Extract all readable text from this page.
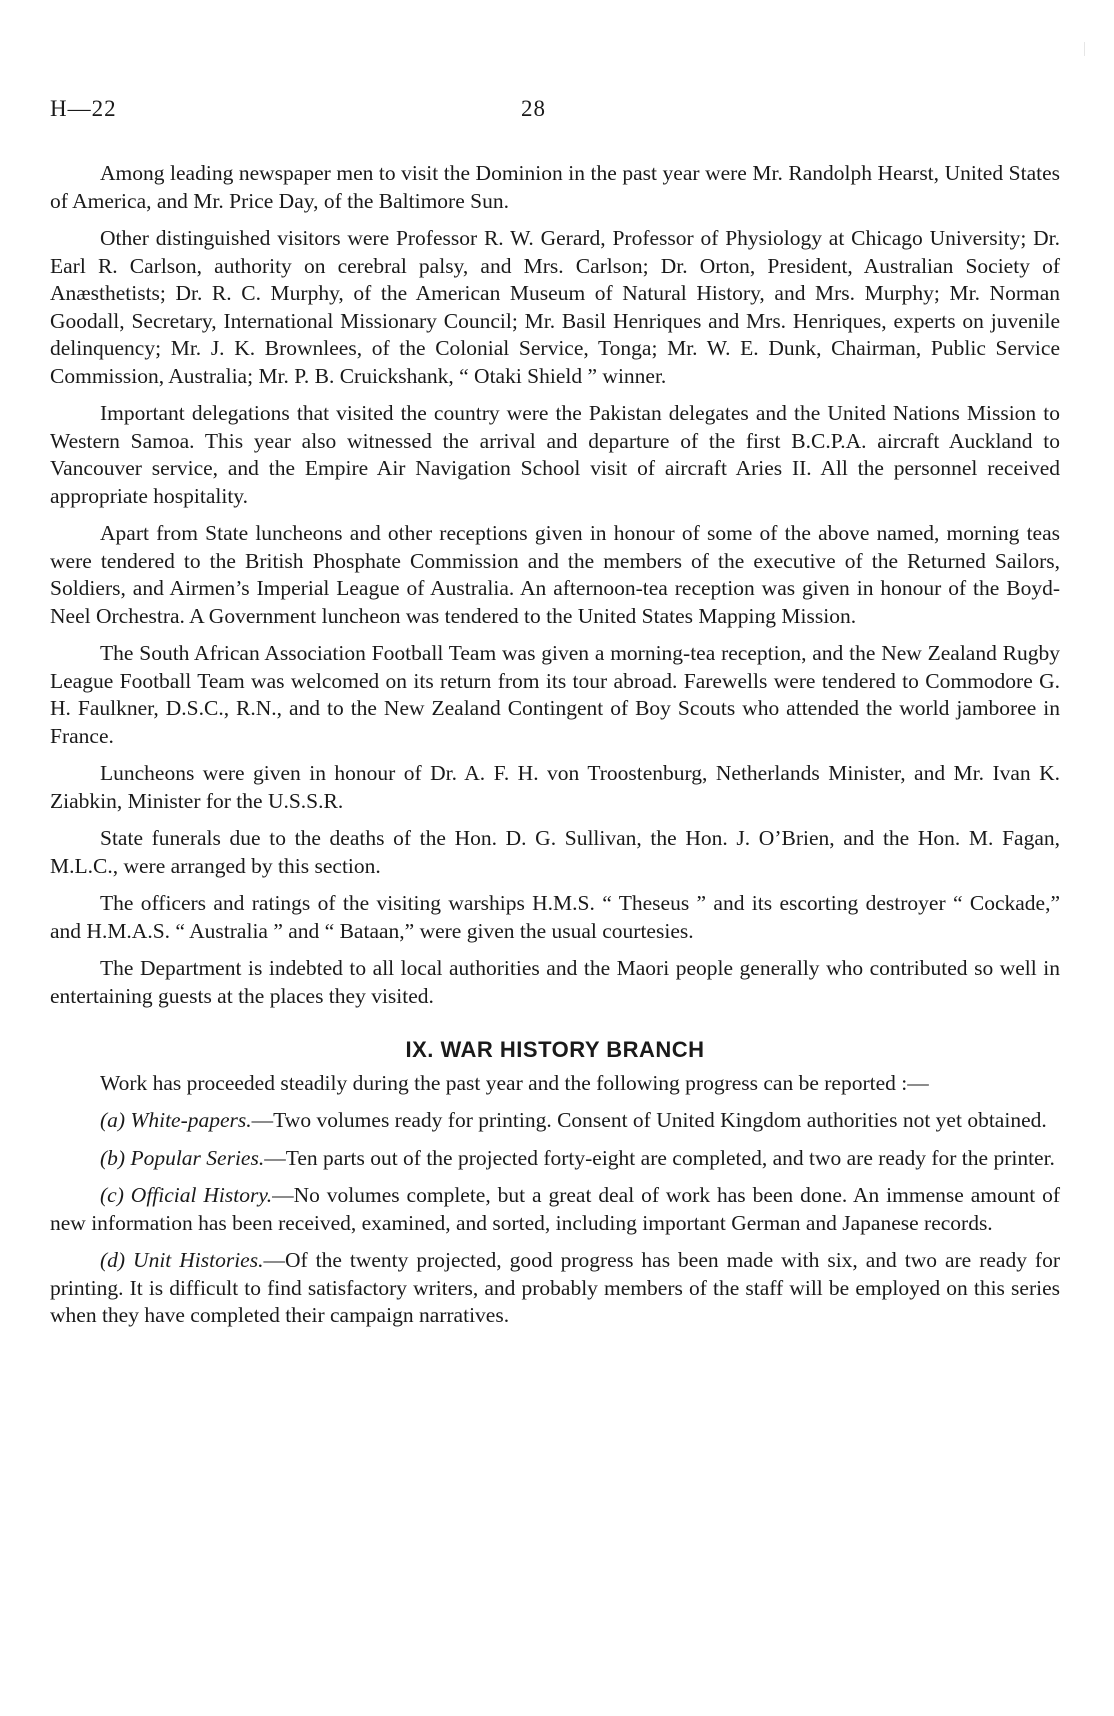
H—22	28

Among leading newspaper men to visit the Dominion in the past year were Mr. Randolph Hearst, United States of America, and Mr. Price Day, of the Baltimore Sun.

Other distinguished visitors were Professor R. W. Gerard, Professor of Physiology at Chicago University; Dr. Earl R. Carlson, authority on cerebral palsy, and Mrs. Carlson; Dr. Orton, President, Australian Society of Anæsthetists; Dr. R. C. Murphy, of the American Museum of Natural History, and Mrs. Murphy; Mr. Norman Goodall, Secretary, International Missionary Council; Mr. Basil Henriques and Mrs. Henriques, experts on juvenile delinquency; Mr. J. K. Brownlees, of the Colonial Service, Tonga; Mr. W. E. Dunk, Chairman, Public Service Commission, Australia; Mr. P. B. Cruickshank, “ Otaki Shield ” winner.

Important delegations that visited the country were the Pakistan delegates and the United Nations Mission to Western Samoa. This year also witnessed the arrival and departure of the first B.C.P.A. aircraft Auckland to Vancouver service, and the Empire Air Navigation School visit of aircraft Aries II. All the personnel received appropriate hospitality.

Apart from State luncheons and other receptions given in honour of some of the above named, morning teas were tendered to the British Phosphate Commission and the members of the executive of the Returned Sailors, Soldiers, and Airmen’s Imperial League of Australia. An afternoon-tea reception was given in honour of the Boyd-Neel Orchestra. A Government luncheon was tendered to the United States Mapping Mission.

The South African Association Football Team was given a morning-tea reception, and the New Zealand Rugby League Football Team was welcomed on its return from its tour abroad. Farewells were tendered to Commodore G. H. Faulkner, D.S.C., R.N., and to the New Zealand Contingent of Boy Scouts who attended the world jamboree in France.

Luncheons were given in honour of Dr. A. F. H. von Troostenburg, Netherlands Minister, and Mr. Ivan K. Ziabkin, Minister for the U.S.S.R.

State funerals due to the deaths of the Hon. D. G. Sullivan, the Hon. J. O’Brien, and the Hon. M. Fagan, M.L.C., were arranged by this section.

The officers and ratings of the visiting warships H.M.S. “ Theseus ” and its escorting destroyer “ Cockade,” and H.M.A.S. “ Australia ” and “ Bataan,” were given the usual courtesies.

The Department is indebted to all local authorities and the Maori people generally who contributed so well in entertaining guests at the places they visited.

IX. WAR HISTORY BRANCH

Work has proceeded steadily during the past year and the following progress can be reported :—

(a) White-papers.—Two volumes ready for printing. Consent of United Kingdom authorities not yet obtained.

(b) Popular Series.—Ten parts out of the projected forty-eight are completed, and two are ready for the printer.

(c) Official History.—No volumes complete, but a great deal of work has been done. An immense amount of new information has been received, examined, and sorted, including important German and Japanese records.

(d) Unit Histories.—Of the twenty projected, good progress has been made with six, and two are ready for printing. It is difficult to find satisfactory writers, and probably members of the staff will be employed on this series when they have completed their campaign narratives.
